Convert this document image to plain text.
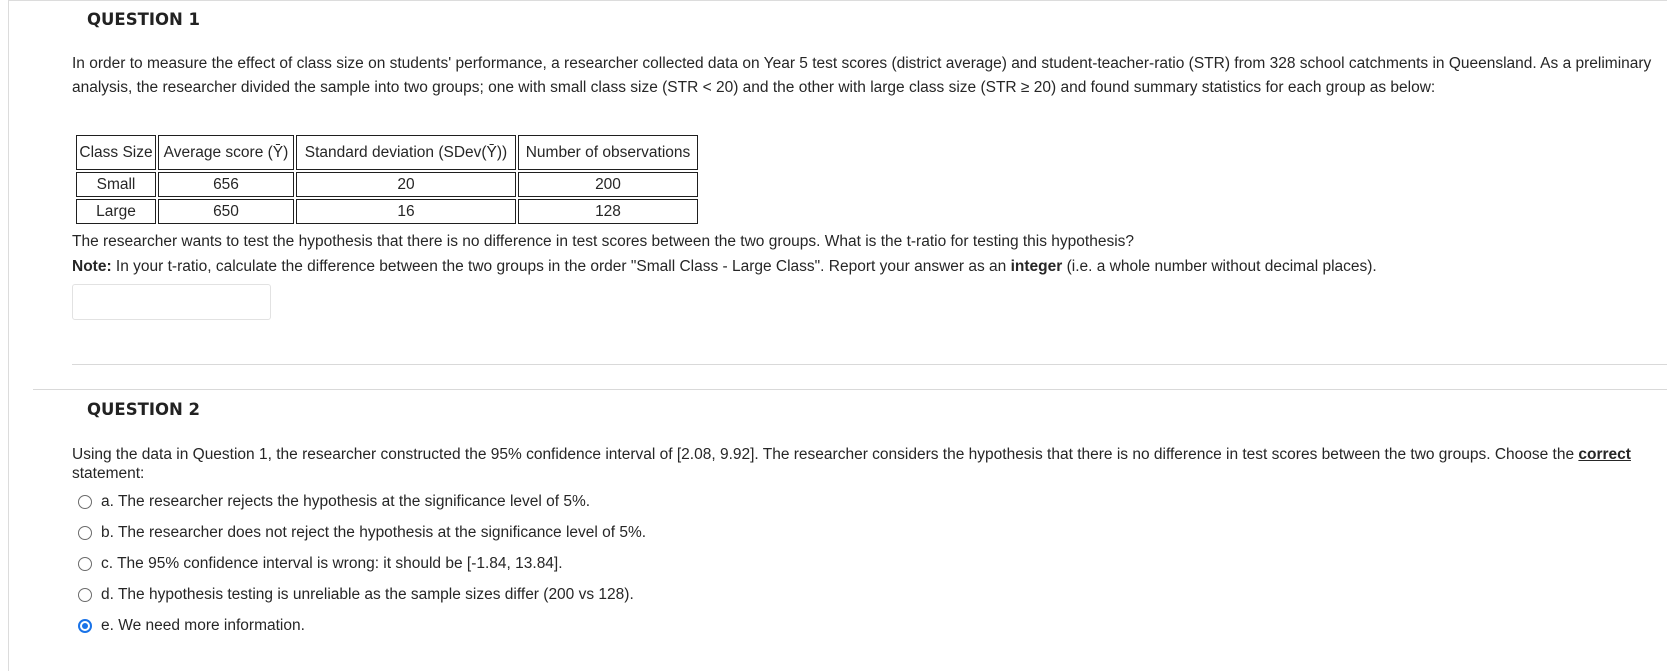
QUESTION 1
In order to measure the effect of class size on students' performance, a researcher collected data on Year 5 test scores (district average) and student-teacher-ratio (STR) from 328 school catchments in Queensland. As a preliminary analysis, the researcher divided the sample into two groups; one with small class size (STR < 20) and the other with large class size (STR ≥ 20) and found summary statistics for each group as below:
Class Size	Average score (Ȳ)	Standard deviation (SDev(Ȳ))	Number of observations
Small	656	20	200
Large	650	16	128
The researcher wants to test the hypothesis that there is no difference in test scores between the two groups. What is the t-ratio for testing this hypothesis?
Note: In your t-ratio, calculate the difference between the two groups in the order "Small Class - Large Class". Report your answer as an integer (i.e. a whole number without decimal places).
QUESTION 2
Using the data in Question 1, the researcher constructed the 95% confidence interval of [2.08, 9.92]. The researcher considers the hypothesis that there is no difference in test scores between the two groups. Choose the correct statement:
a. The researcher rejects the hypothesis at the significance level of 5%.
b. The researcher does not reject the hypothesis at the significance level of 5%.
c. The 95% confidence interval is wrong: it should be [-1.84, 13.84].
d. The hypothesis testing is unreliable as the sample sizes differ (200 vs 128).
e. We need more information.
